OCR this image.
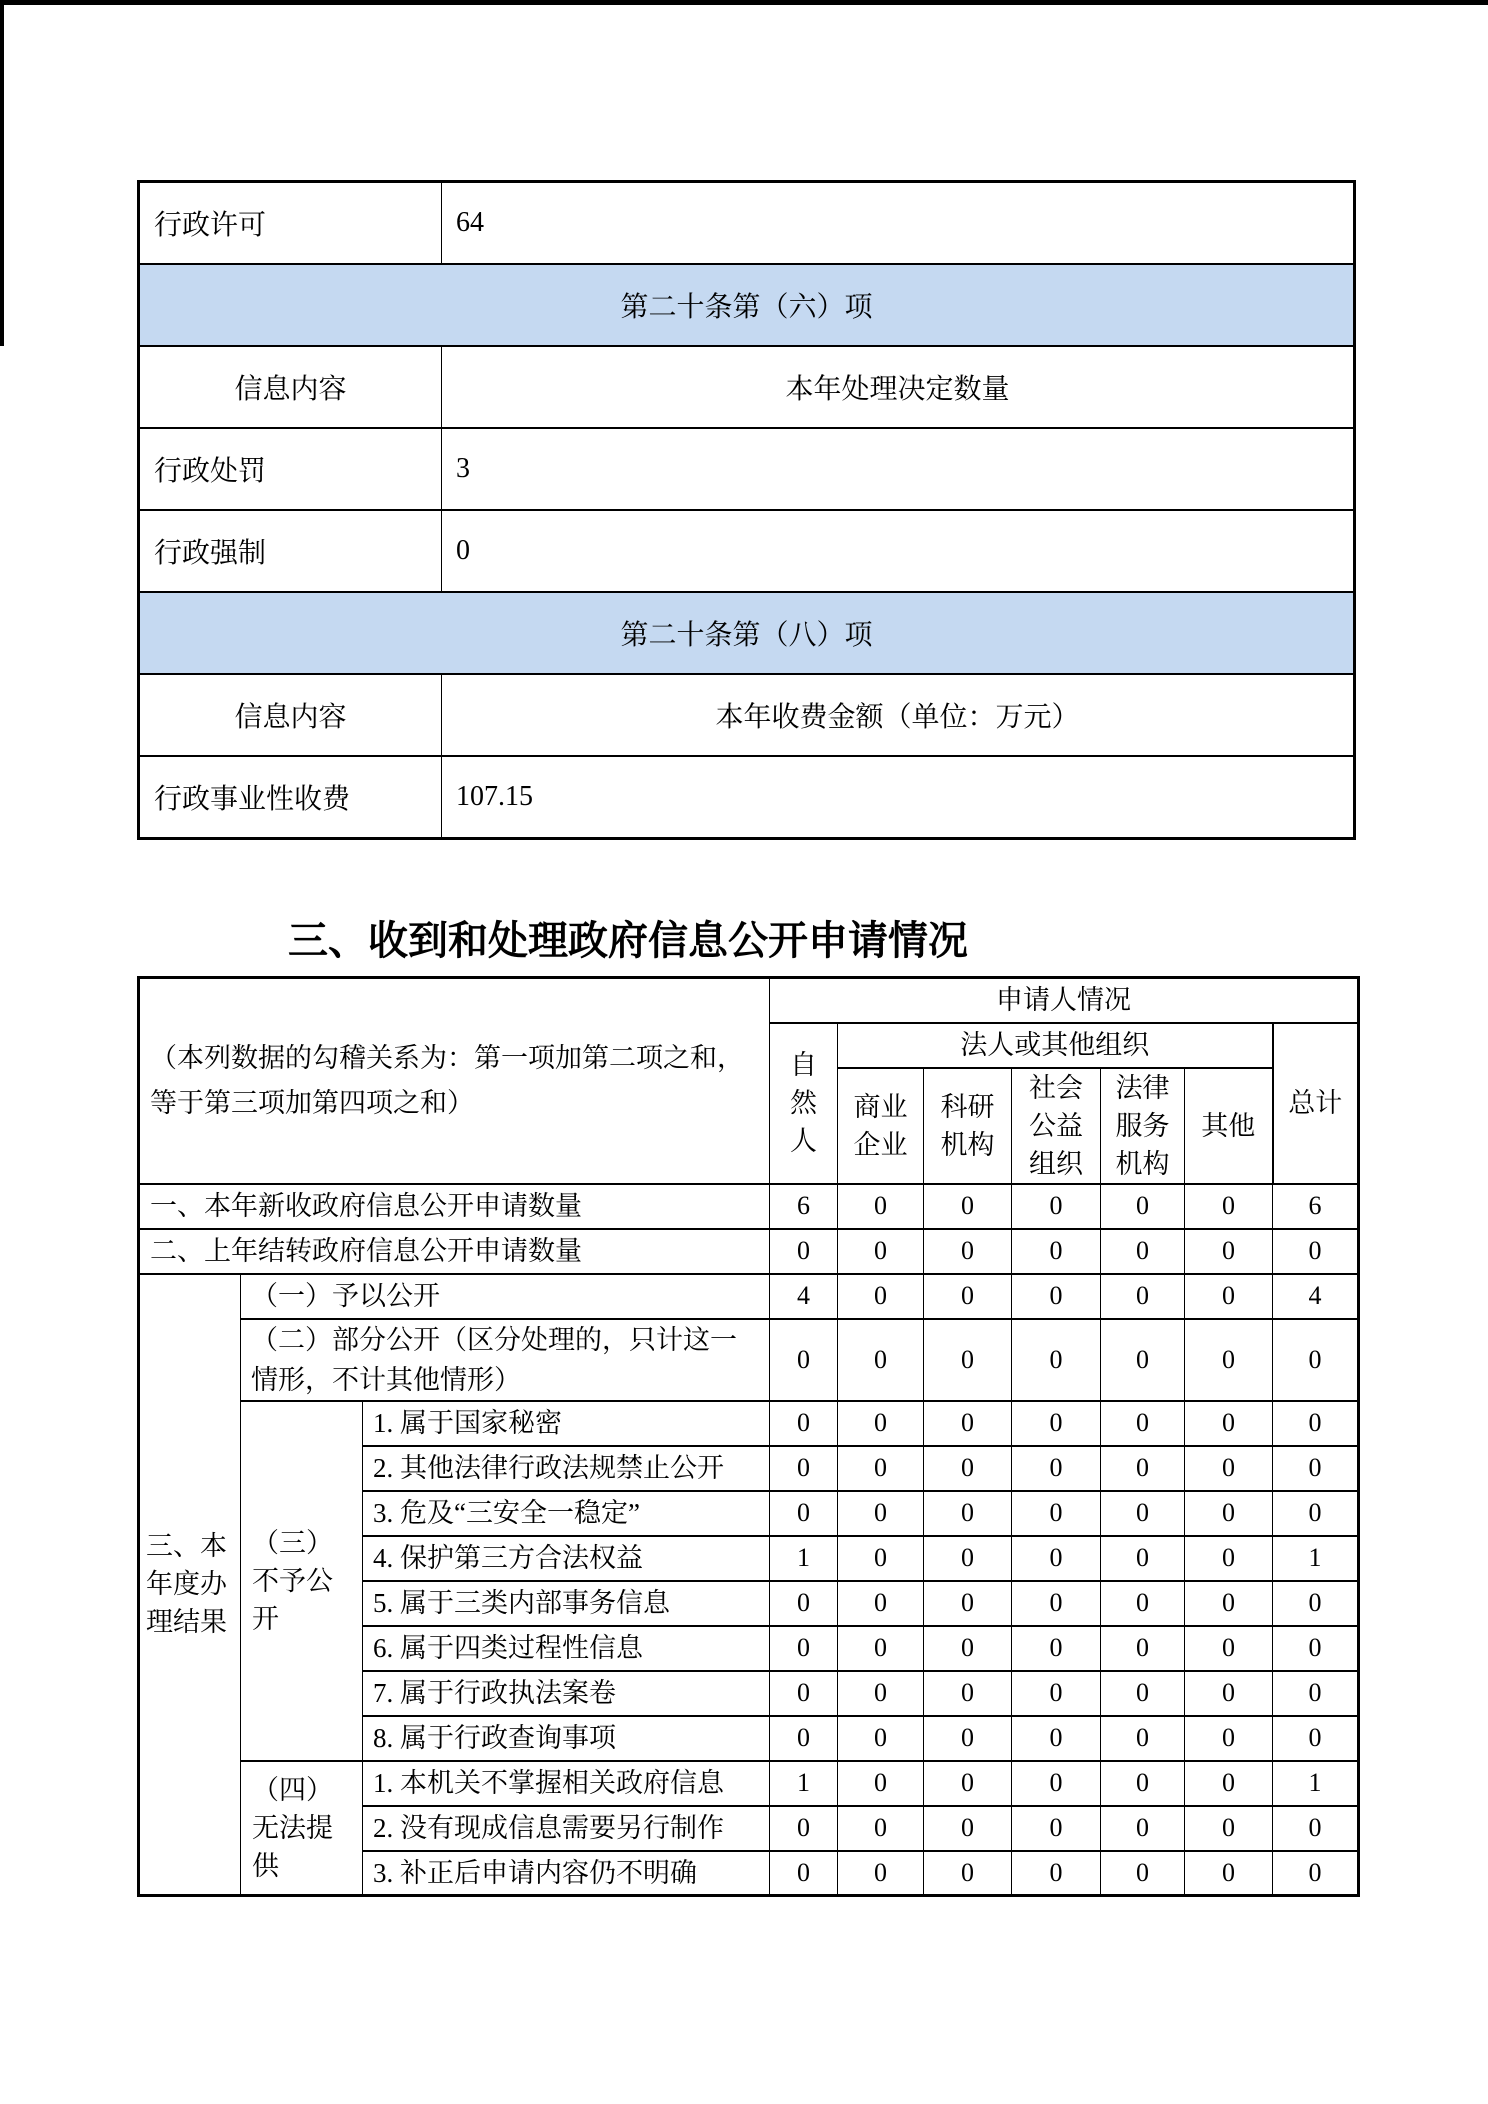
行政许可	64
第二十条第（六）项	
信息内容	本年处理决定数量
行政处罚	3
行政强制	0
第二十条第（八）项	
信息内容	本年收费金额（单位：万元）
行政事业性收费	107.15
三、收到和处理政府信息公开申请情况
（本列数据的勾稽关系为：第一项加第二项之和，等于第三项加第四项之和）			申请人情况						
			自然人	法人或其他组织					总计
				商业企业	科研机构	社会公益组织	法律服务机构	其他	
一、本年新收政府信息公开申请数量			6	0	0	0	0	0	6
二、上年结转政府信息公开申请数量			0	0	0	0	0	0	0
三、本年度办理结果	（一）予以公开		4	0	0	0	0	0	4
	（二）部分公开（区分处理的，只计这一情形，不计其他情形）		0	0	0	0	0	0	0
	（三）不予公开	1. 属于国家秘密	0	0	0	0	0	0	0
		2. 其他法律行政法规禁止公开	0	0	0	0	0	0	0
		3. 危及“三安全一稳定”	0	0	0	0	0	0	0
		4. 保护第三方合法权益	1	0	0	0	0	0	1
		5. 属于三类内部事务信息	0	0	0	0	0	0	0
		6. 属于四类过程性信息	0	0	0	0	0	0	0
		7. 属于行政执法案卷	0	0	0	0	0	0	0
		8. 属于行政查询事项	0	0	0	0	0	0	0
	（四）无法提供	1. 本机关不掌握相关政府信息	1	0	0	0	0	0	1
		2. 没有现成信息需要另行制作	0	0	0	0	0	0	0
		3. 补正后申请内容仍不明确	0	0	0	0	0	0	0
